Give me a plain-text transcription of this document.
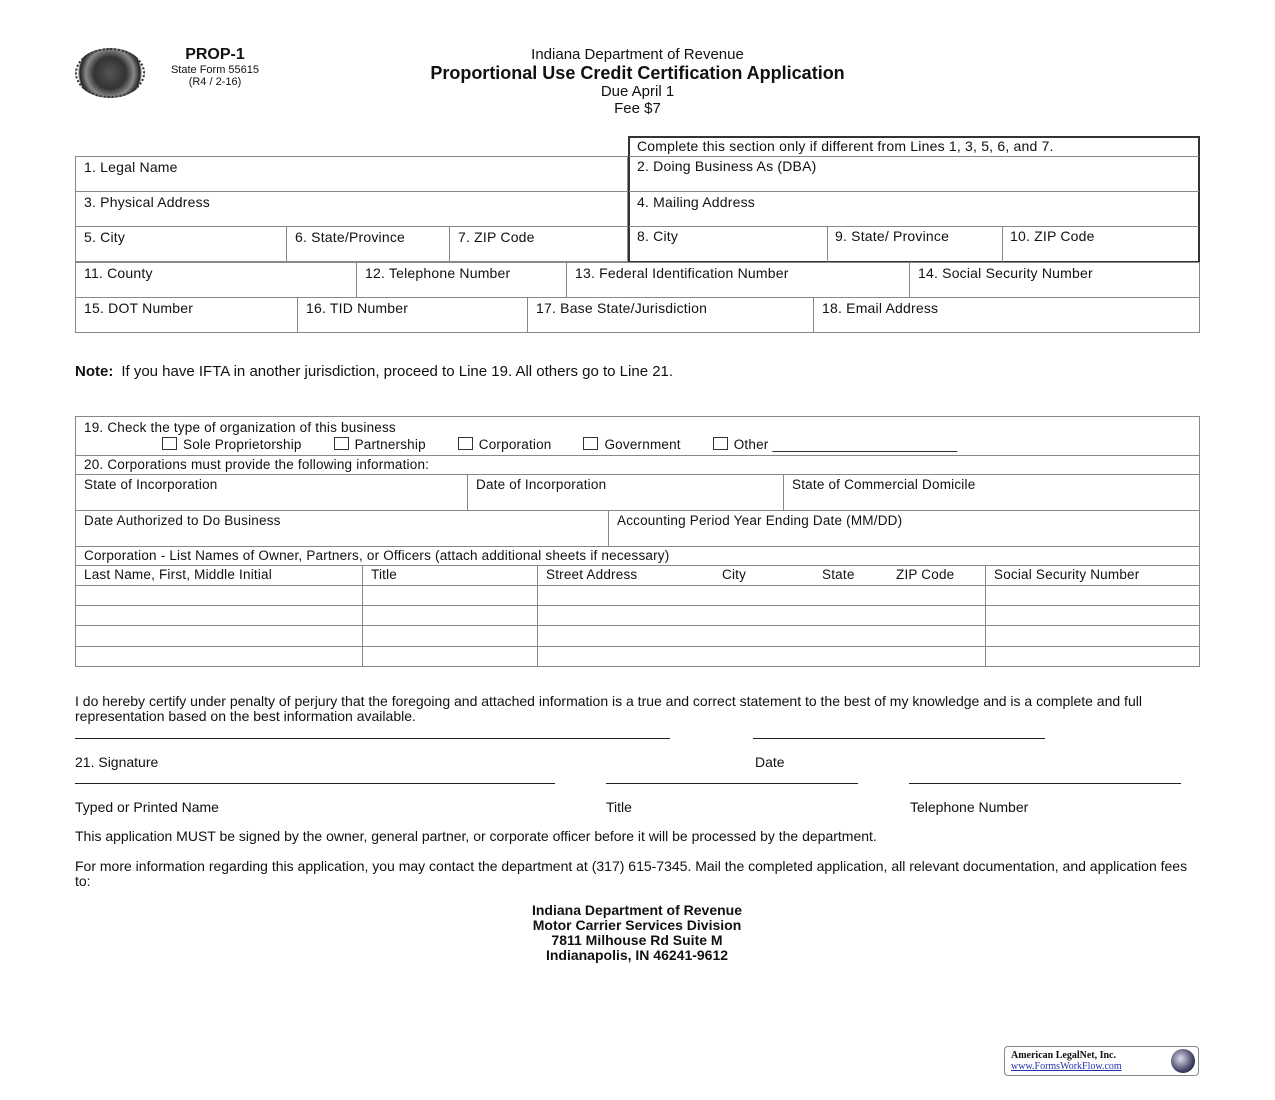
PROP-1
State Form 55615
(R4 / 2-16)
Indiana Department of Revenue
Proportional Use Credit Certification Application
Due April 1
Fee $7
1. Legal Name
3. Physical Address
5. City	6. State/Province	7. ZIP Code
Complete this section only if different from Lines 1, 3, 5, 6, and 7.
2. Doing Business As (DBA)
4. Mailing Address
8. City	9. State/ Province	10. ZIP Code
11. County	12. Telephone Number	13. Federal Identification Number	14. Social Security Number
15. DOT Number	16. TID Number	17. Base State/Jurisdiction	18. Email Address
Note: If you have IFTA in another jurisdiction, proceed to Line 19. All others go to Line 21.
19. Check the type of organization of this business
Sole Proprietorship	Partnership	Corporation	Government	Other ________________________
20. Corporations must provide the following information:
State of Incorporation	Date of Incorporation	State of Commercial Domicile
Date Authorized to Do Business	Accounting Period Year Ending Date (MM/DD)
Corporation - List Names of Owner, Partners, or Officers (attach additional sheets if necessary)
Last Name, First, Middle Initial	Title	Street Address	City	State	ZIP Code	Social Security Number
I do hereby certify under penalty of perjury that the foregoing and attached information is a true and correct statement to the best of my knowledge and is a complete and full representation based on the best information available.
21. Signature	Date
Typed or Printed Name	Title	Telephone Number
This application MUST be signed by the owner, general partner, or corporate officer before it will be processed by the department.
For more information regarding this application, you may contact the department at (317) 615-7345. Mail the completed application, all relevant documentation, and application fees to:
Indiana Department of Revenue
Motor Carrier Services Division
7811 Milhouse Rd Suite M
Indianapolis, IN 46241-9612
American LegalNet, Inc.
www.FormsWorkFlow.com
